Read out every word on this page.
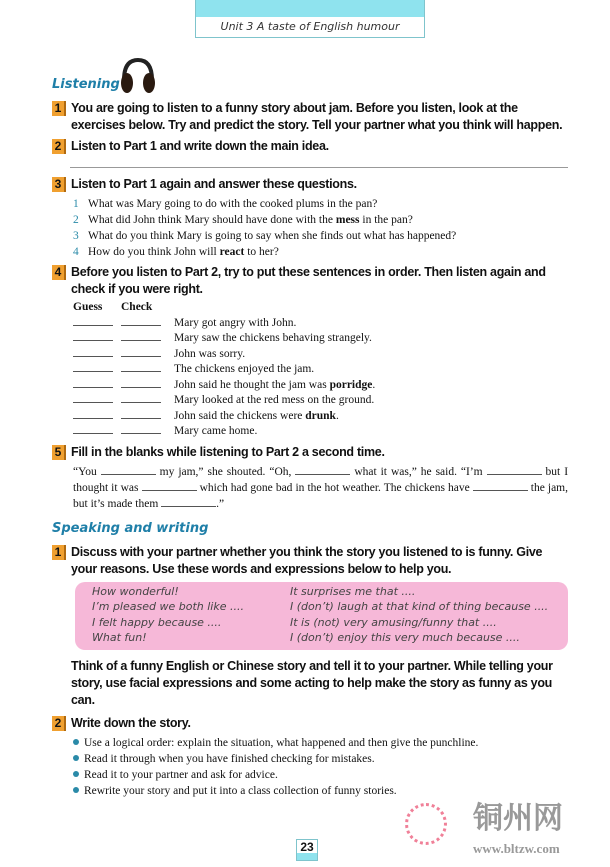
Unit 3 A taste of English humour
Listening
1 You are going to listen to a funny story about jam. Before you listen, look at the exercises below. Try and predict the story. Tell your partner what you think will happen.
2 Listen to Part 1 and write down the main idea.
3 Listen to Part 1 again and answer these questions.
1 What was Mary going to do with the cooked plums in the pan?
2 What did John think Mary should have done with the mess in the pan?
3 What do you think Mary is going to say when she finds out what has happened?
4 How do you think John will react to her?
4 Before you listen to Part 2, try to put these sentences in order. Then listen again and check if you were right.
Guess Check
Mary got angry with John.
Mary saw the chickens behaving strangely.
John was sorry.
The chickens enjoyed the jam.
John said he thought the jam was porridge.
Mary looked at the red mess on the ground.
John said the chickens were drunk.
Mary came home.
5 Fill in the blanks while listening to Part 2 a second time.
“You	my jam,” she shouted. “Oh,	what it was,” he said. “I’m	but I thought it was	which had gone bad in the hot weather. The chickens have	the jam, but it’s made them	.”
Speaking and writing
1 Discuss with your partner whether you think the story you listened to is funny. Give your reasons. Use these words and expressions below to help you.
How wonderful!	It surprises me that ....
I’m pleased we both like ....	I (don’t) laugh at that kind of thing because ....
I felt happy because ....	It is (not) very amusing/funny that ....
What fun!	I (don’t) enjoy this very much because ....
Think of a funny English or Chinese story and tell it to your partner. While telling your story, use facial expressions and some acting to help make the story as funny as you can.
2 Write down the story.
Use a logical order: explain the situation, what happened and then give the punchline.
Read it through when you have finished checking for mistakes.
Read it to your partner and ask for advice.
Rewrite your story and put it into a class collection of funny stories.
铜州网
www.bltzw.com
23
